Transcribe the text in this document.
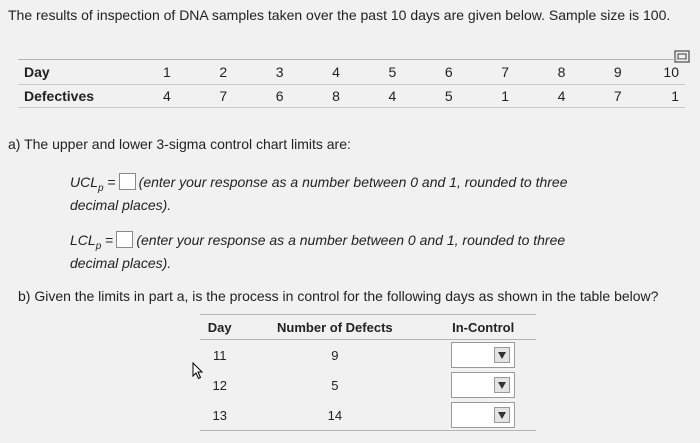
The results of inspection of DNA samples taken over the past 10 days are given below. Sample size is 100.
Day	1	2	3	4	5	6	7	8	9	10
Defectives	4	7	6	8	4	5	1	4	7	1
a) The upper and lower 3-sigma control chart limits are:
$UCL_p$ = (enter your response as a number between 0 and 1, rounded to three
decimal places).
$LCL_p$ = (enter your response as a number between 0 and 1, rounded to three
decimal places).
b) Given the limits in part a, is the process in control for the following days as shown in the table below?
Day	Number of Defects	In-Control
11	9	

12	5	

13	14	
